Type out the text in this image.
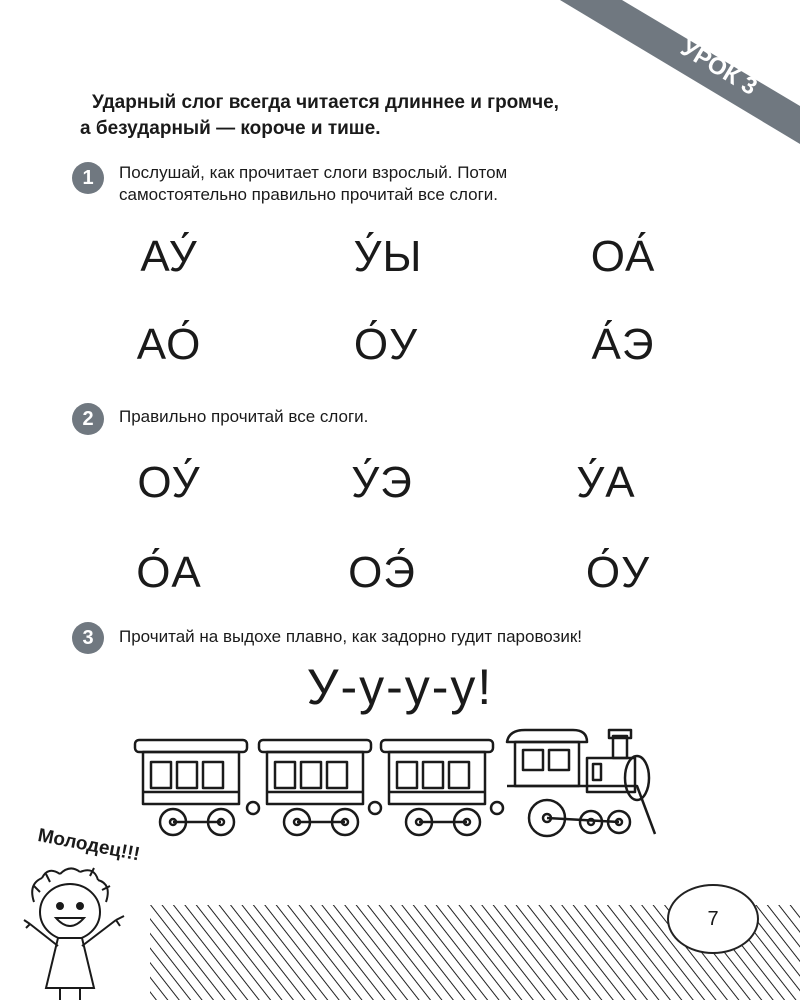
УРОК 3
Ударный слог всегда читается длиннее и громче,
а безударный — короче и тише.
1	Послушай, как прочитает слоги взрослый. Потом
самостоятельно правильно прочитай все слоги.
АУ́	У́Ы	ОА́
АО́	О́У	А́Э
2	Правильно прочитай все слоги.
ОУ́	У́Э	У́А
О́А	ОЭ́	О́У
3	Прочитай на выдохе плавно, как задорно гудит паровозик!
У-у-у-у!
7
Молодец!!!
